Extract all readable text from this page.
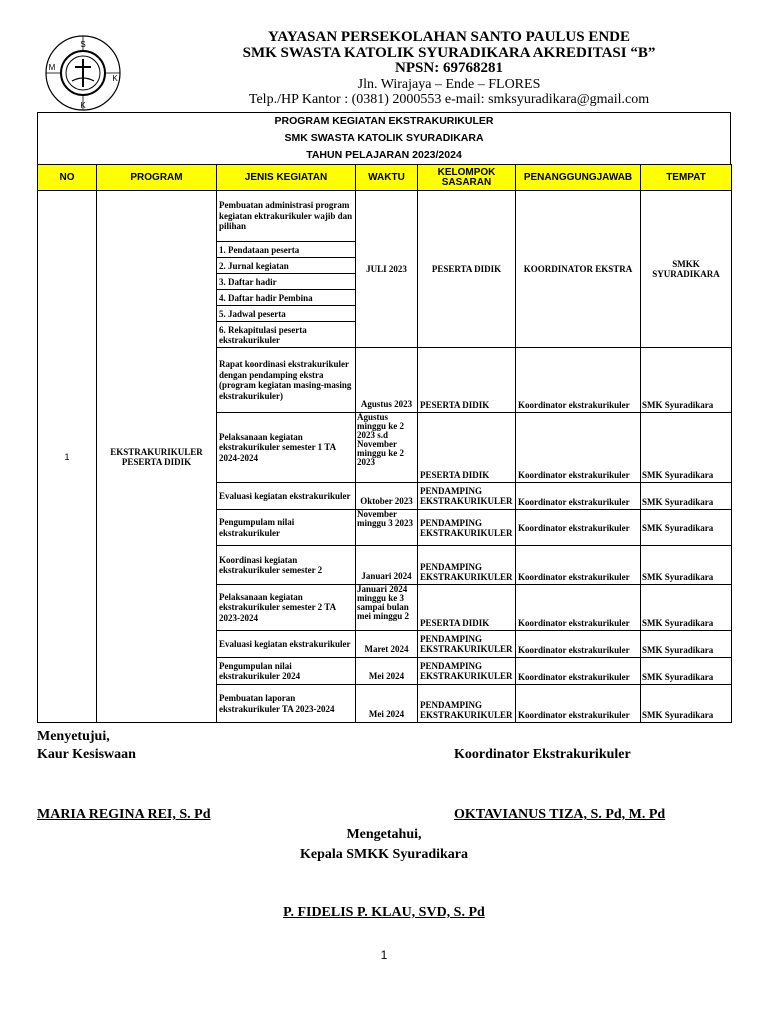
S
M
K
K
YAYASAN PERSEKOLAHAN SANTO PAULUS ENDE
SMK SWASTA KATOLIK SYURADIKARA AKREDITASI “B”
NPSN: 69768281
Jln. Wirajaya – Ende – FLORES
Telp./HP Kantor : (0381) 2000553 e-mail: smksyuradikara@gmail.com
PROGRAM KEGIATAN EKSTRAKURIKULER
SMK SWASTA KATOLIK SYURADIKARA
TAHUN PELAJARAN 2023/2024
NO	PROGRAM	JENIS KEGIATAN	WAKTU	KELOMPOK SASARAN	PENANGGUNGJAWAB	TEMPAT
1	EKSTRAKURIKULER PESERTA DIDIK	Pembuatan administrasi program kegiatan ektrakurikuler wajib dan pilihan	JULI 2023	PESERTA DIDIK	KOORDINATOR EKSTRA	SMKK SYURADIKARA
		1. Pendataan peserta				
		2. Jurnal kegiatan				
		3. Daftar hadir				
		4. Daftar hadir Pembina				
		5. Jadwal peserta				
		6. Rekapitulasi peserta ekstrakurikuler				
		Rapat koordinasi ekstrakurikuler dengan pendamping ekstra (program kegiatan masing-masing ekstrakurikuler)	Agustus 2023	PESERTA DIDIK	Koordinator ekstrakurikuler	SMK Syuradikara
		Pelaksanaan kegiatan ekstrakurikuler semester 1 TA 2024-2024	Agustus minggu ke 2 2023 s.d November minggu ke 2 2023	PESERTA DIDIK	Koordinator ekstrakurikuler	SMK Syuradikara
		Evaluasi kegiatan ekstrakurikuler	Oktober 2023	PENDAMPING EKSTRAKURIKULER	Koordinator ekstrakurikuler	SMK Syuradikara
		Pengumpulam nilai ekstrakurikuler	November minggu 3 2023	PENDAMPING EKSTRAKURIKULER	Koordinator ekstrakurikuler	SMK Syuradikara
		Koordinasi kegiatan ekstrakurikuler semester 2	Januari 2024	PENDAMPING EKSTRAKURIKULER	Koordinator ekstrakurikuler	SMK Syuradikara
		Pelaksanaan kegiatan ekstrakurikuler semester 2 TA 2023-2024	Januari 2024 minggu ke 3 sampai bulan mei minggu 2	PESERTA DIDIK	Koordinator ekstrakurikuler	SMK Syuradikara
		Evaluasi kegiatan ekstrakurikuler	Maret 2024	PENDAMPING EKSTRAKURIKULER	Koordinator ekstrakurikuler	SMK Syuradikara
		Pengumpulan nilai ekstrakurikuler 2024	Mei 2024	PENDAMPING EKSTRAKURIKULER	Koordinator ekstrakurikuler	SMK Syuradikara
		Pembuatan laporan ekstrakurikuler TA 2023-2024	Mei 2024	PENDAMPING EKSTRAKURIKULER	Koordinator ekstrakurikuler	SMK Syuradikara
Menyetujui,
Kaur Kesiswaan	Koordinator Ekstrakurikuler
MARIA REGINA REI, S. Pd	OKTAVIANUS TIZA, S. Pd, M. Pd
Mengetahui,
Kepala SMKK Syuradikara
P. FIDELIS P. KLAU, SVD, S. Pd
1
